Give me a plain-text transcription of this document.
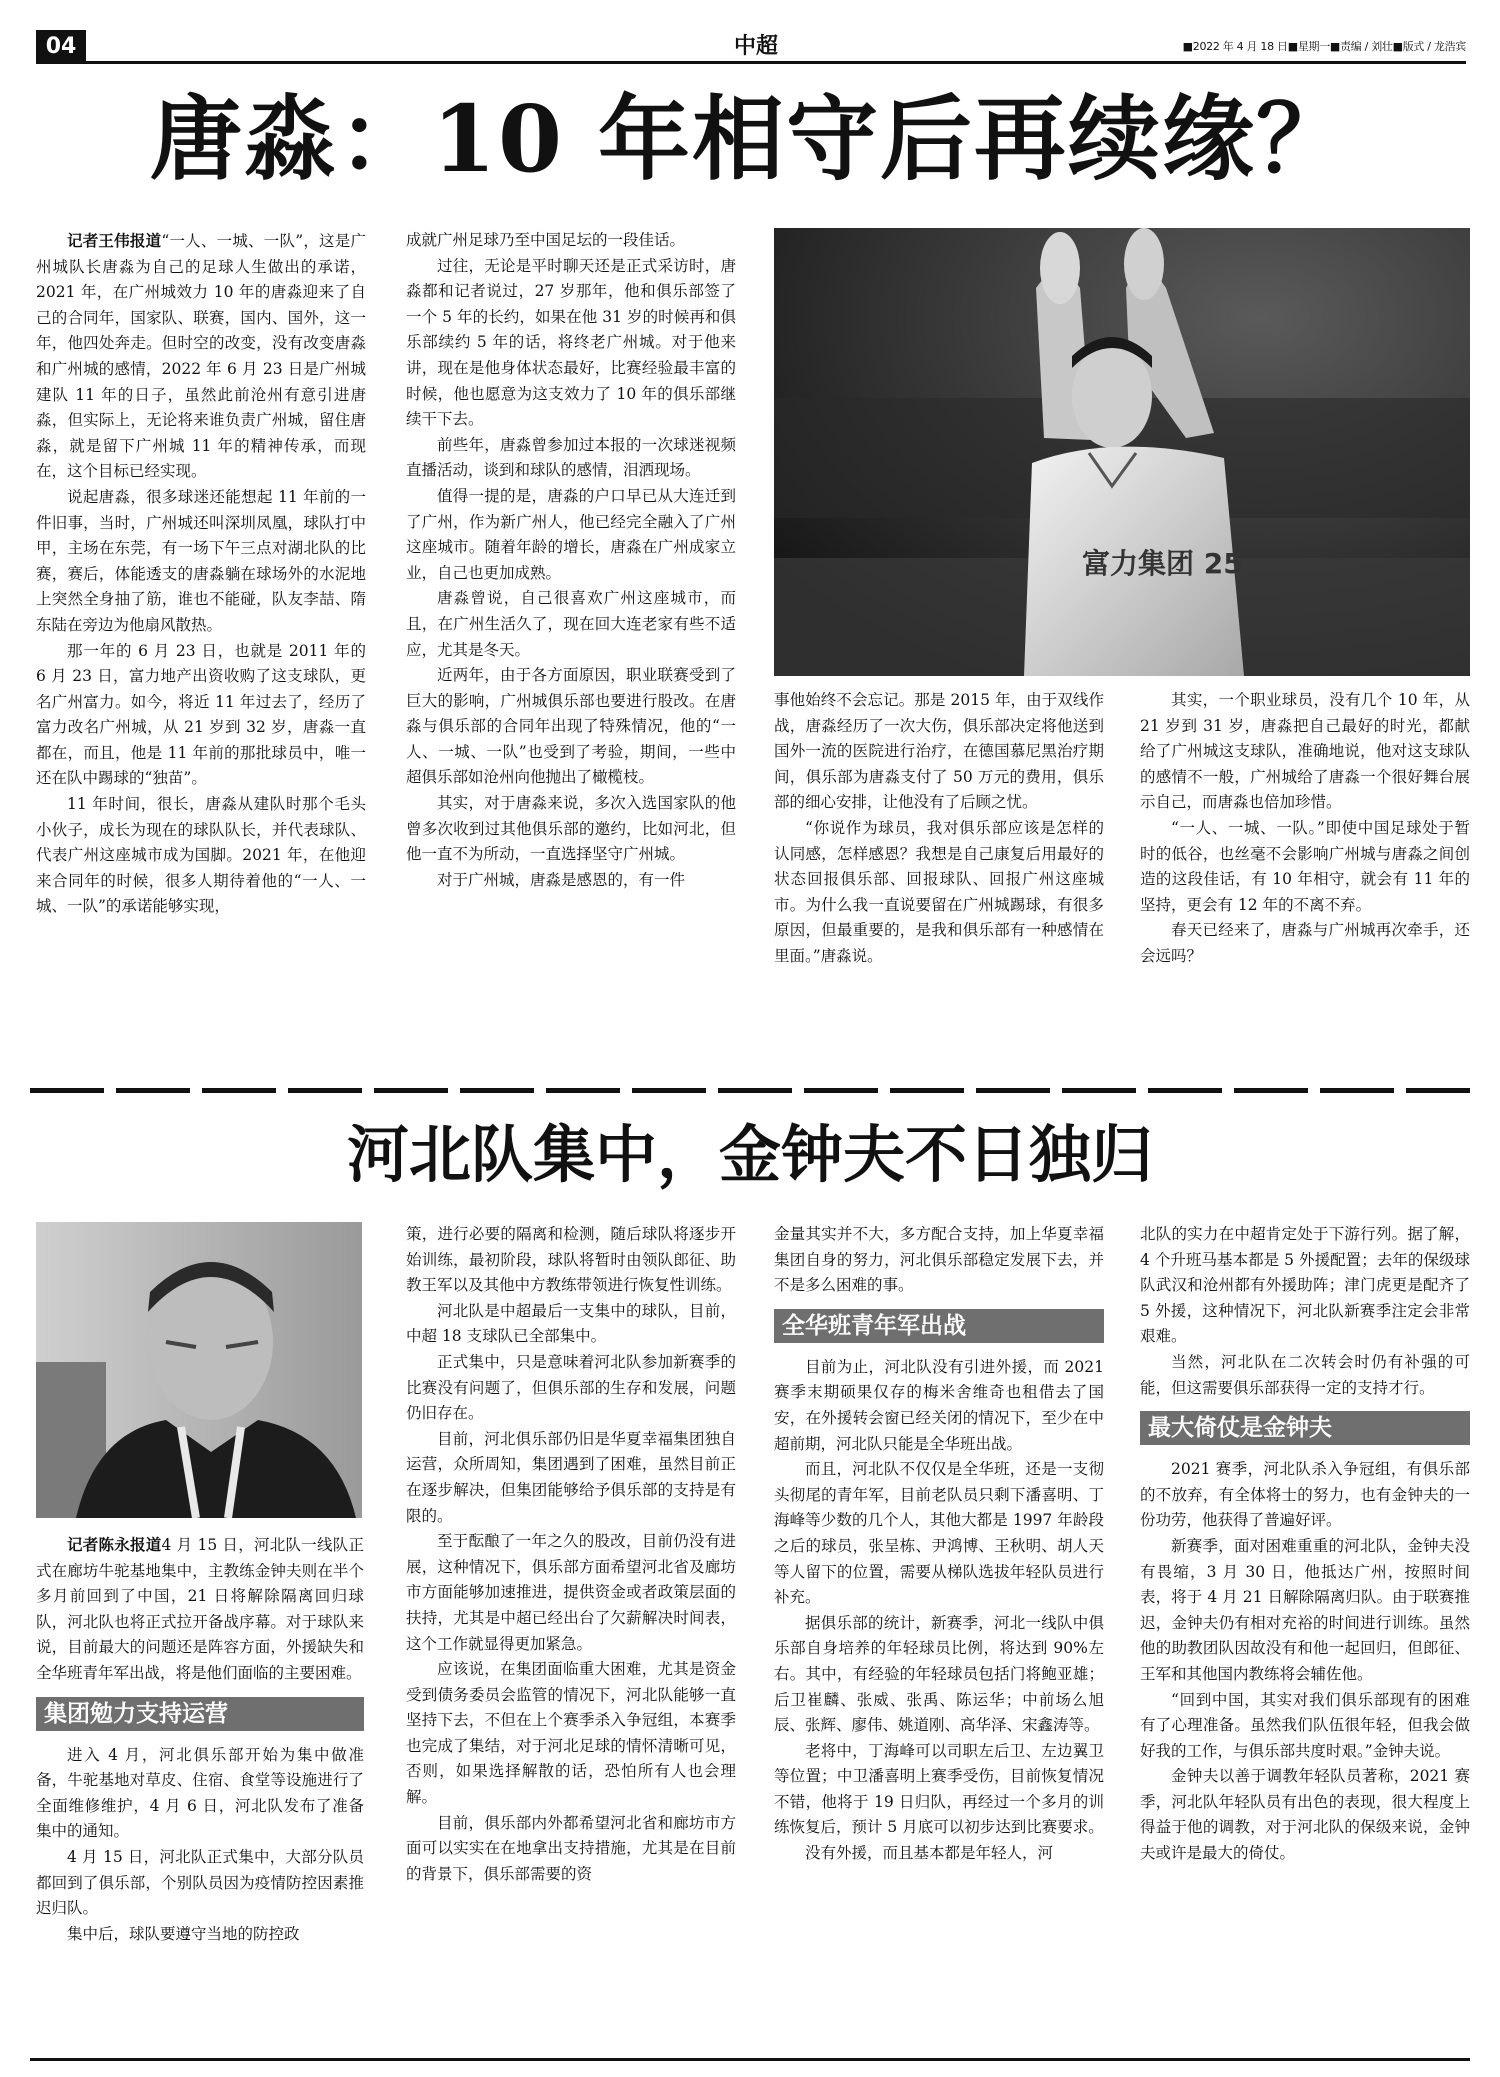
04	中超	■2022 年 4 月 18 日■星期一■责编 / 刘壮■版式 / 龙浩宾
唐淼：10 年相守后再续缘？

记者王伟报道“一人、一城、一队”，这是广州城队长唐淼为自己的足球人生做出的承诺，2021 年，在广州城效力 10 年的唐淼迎来了自己的合同年，国家队、联赛，国内、国外，这一年，他四处奔走。但时空的改变，没有改变唐淼和广州城的感情，2022 年 6 月 23 日是广州城建队 11 年的日子，虽然此前沧州有意引进唐淼，但实际上，无论将来谁负责广州城，留住唐淼，就是留下广州城 11 年的精神传承，而现在，这个目标已经实现。

说起唐淼，很多球迷还能想起 11 年前的一件旧事，当时，广州城还叫深圳凤凰，球队打中甲，主场在东莞，有一场下午三点对湖北队的比赛，赛后，体能透支的唐淼躺在球场外的水泥地上突然全身抽了筋，谁也不能碰，队友李喆、隋东陆在旁边为他扇风散热。

那一年的 6 月 23 日，也就是 2011 年的 6 月 23 日，富力地产出资收购了这支球队，更名广州富力。如今，将近 11 年过去了，经历了富力改名广州城，从 21 岁到 32 岁，唐淼一直都在，而且，他是 11 年前的那批球员中，唯一还在队中踢球的“独苗”。

11 年时间，很长，唐淼从建队时那个毛头小伙子，成长为现在的球队队长，并代表球队、代表广州这座城市成为国脚。2021 年，在他迎来合同年的时候，很多人期待着他的“一人、一城、一队”的承诺能够实现，

成就广州足球乃至中国足坛的一段佳话。

过往，无论是平时聊天还是正式采访时，唐淼都和记者说过，27 岁那年，他和俱乐部签了一个 5 年的长约，如果在他 31 岁的时候再和俱乐部续约 5 年的话，将终老广州城。对于他来讲，现在是他身体状态最好，比赛经验最丰富的时候，他也愿意为这支效力了 10 年的俱乐部继续干下去。

前些年，唐淼曾参加过本报的一次球迷视频直播活动，谈到和球队的感情，泪洒现场。

值得一提的是，唐淼的户口早已从大连迁到了广州，作为新广州人，他已经完全融入了广州这座城市。随着年龄的增长，唐淼在广州成家立业，自己也更加成熟。

唐淼曾说，自己很喜欢广州这座城市，而且，在广州生活久了，现在回大连老家有些不适应，尤其是冬天。

近两年，由于各方面原因，职业联赛受到了巨大的影响，广州城俱乐部也要进行股改。在唐淼与俱乐部的合同年出现了特殊情况，他的“一人、一城、一队”也受到了考验，期间，一些中超俱乐部如沧州向他抛出了橄榄枝。

其实，对于唐淼来说，多次入选国家队的他曾多次收到过其他俱乐部的邀约，比如河北，但他一直不为所动，一直选择坚守广州城。

对于广州城，唐淼是感恩的，有一件

富力集团 25

事他始终不会忘记。那是 2015 年，由于双线作战，唐淼经历了一次大伤，俱乐部决定将他送到国外一流的医院进行治疗，在德国慕尼黑治疗期间，俱乐部为唐淼支付了 50 万元的费用，俱乐部的细心安排，让他没有了后顾之忧。

“你说作为球员，我对俱乐部应该是怎样的认同感，怎样感恩？我想是自己康复后用最好的状态回报俱乐部、回报球队、回报广州这座城市。为什么我一直说要留在广州城踢球，有很多原因，但最重要的，是我和俱乐部有一种感情在里面。”唐淼说。

其实，一个职业球员，没有几个 10 年，从 21 岁到 31 岁，唐淼把自己最好的时光，都献给了广州城这支球队，准确地说，他对这支球队的感情不一般，广州城给了唐淼一个很好舞台展示自己，而唐淼也倍加珍惜。

“一人、一城、一队。”即使中国足球处于暂时的低谷，也丝毫不会影响广州城与唐淼之间创造的这段佳话，有 10 年相守，就会有 11 年的坚持，更会有 12 年的不离不弃。

春天已经来了，唐淼与广州城再次牵手，还会远吗？

河北队集中，金钟夫不日独归

记者陈永报道4 月 15 日，河北队一线队正式在廊坊牛驼基地集中，主教练金钟夫则在半个多月前回到了中国，21 日将解除隔离回归球队，河北队也将正式拉开备战序幕。对于球队来说，目前最大的问题还是阵容方面，外援缺失和全华班青年军出战，将是他们面临的主要困难。

集团勉力支持运营

进入 4 月，河北俱乐部开始为集中做准备，牛驼基地对草皮、住宿、食堂等设施进行了全面维修维护，4 月 6 日，河北队发布了准备集中的通知。

4 月 15 日，河北队正式集中，大部分队员都回到了俱乐部，个别队员因为疫情防控因素推迟归队。

集中后，球队要遵守当地的防控政

策，进行必要的隔离和检测，随后球队将逐步开始训练，最初阶段，球队将暂时由领队郎征、助教王军以及其他中方教练带领进行恢复性训练。

河北队是中超最后一支集中的球队，目前，中超 18 支球队已全部集中。

正式集中，只是意味着河北队参加新赛季的比赛没有问题了，但俱乐部的生存和发展，问题仍旧存在。

目前，河北俱乐部仍旧是华夏幸福集团独自运营，众所周知，集团遇到了困难，虽然目前正在逐步解决，但集团能够给予俱乐部的支持是有限的。

至于酝酿了一年之久的股改，目前仍没有进展，这种情况下，俱乐部方面希望河北省及廊坊市方面能够加速推进，提供资金或者政策层面的扶持，尤其是中超已经出台了欠薪解决时间表，这个工作就显得更加紧急。

应该说，在集团面临重大困难，尤其是资金受到债务委员会监管的情况下，河北队能够一直坚持下去，不但在上个赛季杀入争冠组，本赛季也完成了集结，对于河北足球的情怀清晰可见，否则，如果选择解散的话，恐怕所有人也会理解。

目前，俱乐部内外都希望河北省和廊坊市方面可以实实在在地拿出支持措施，尤其是在目前的背景下，俱乐部需要的资

金量其实并不大，多方配合支持，加上华夏幸福集团自身的努力，河北俱乐部稳定发展下去，并不是多么困难的事。

全华班青年军出战

目前为止，河北队没有引进外援，而 2021 赛季末期硕果仅存的梅米舍维奇也租借去了国安，在外援转会窗已经关闭的情况下，至少在中超前期，河北队只能是全华班出战。

而且，河北队不仅仅是全华班，还是一支彻头彻尾的青年军，目前老队员只剩下潘喜明、丁海峰等少数的几个人，其他大都是 1997 年龄段之后的球员，张呈栋、尹鸿博、王秋明、胡人天等人留下的位置，需要从梯队选拔年轻队员进行补充。

据俱乐部的统计，新赛季，河北一线队中俱乐部自身培养的年轻球员比例，将达到 90%左右。其中，有经验的年轻球员包括门将鲍亚雄；后卫崔麟、张威、张禹、陈运华；中前场么旭辰、张辉、廖伟、姚道刚、高华泽、宋鑫涛等。

老将中，丁海峰可以司职左后卫、左边翼卫等位置；中卫潘喜明上赛季受伤，目前恢复情况不错，他将于 19 日归队，再经过一个多月的训练恢复后，预计 5 月底可以初步达到比赛要求。

没有外援，而且基本都是年轻人，河

北队的实力在中超肯定处于下游行列。据了解，4 个升班马基本都是 5 外援配置；去年的保级球队武汉和沧州都有外援助阵；津门虎更是配齐了 5 外援，这种情况下，河北队新赛季注定会非常艰难。

当然，河北队在二次转会时仍有补强的可能，但这需要俱乐部获得一定的支持才行。

最大倚仗是金钟夫

2021 赛季，河北队杀入争冠组，有俱乐部的不放弃，有全体将士的努力，也有金钟夫的一份功劳，他获得了普遍好评。

新赛季，面对困难重重的河北队，金钟夫没有畏缩，3 月 30 日，他抵达广州，按照时间表，将于 4 月 21 日解除隔离归队。由于联赛推迟，金钟夫仍有相对充裕的时间进行训练。虽然他的助教团队因故没有和他一起回归，但郎征、王军和其他国内教练将会辅佐他。

“回到中国，其实对我们俱乐部现有的困难有了心理准备。虽然我们队伍很年轻，但我会做好我的工作，与俱乐部共度时艰。”金钟夫说。

金钟夫以善于调教年轻队员著称，2021 赛季，河北队年轻队员有出色的表现，很大程度上得益于他的调教，对于河北队的保级来说，金钟夫或许是最大的倚仗。
